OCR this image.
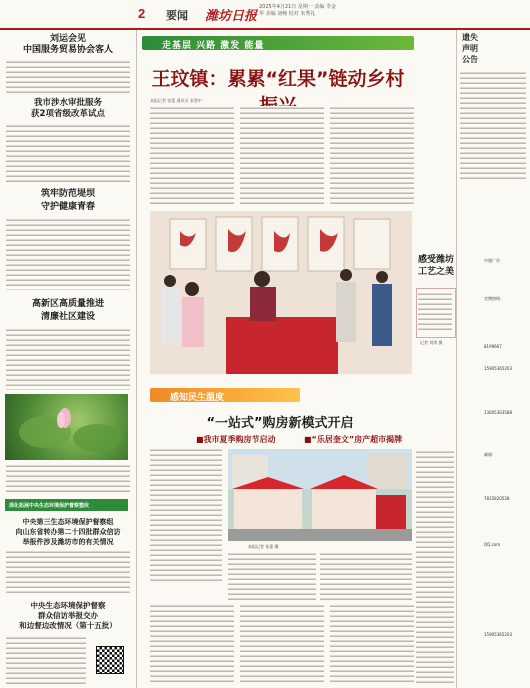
2 要闻 潍坊日报
2025年4月21日 星期一 责编 李金华 美编 刘畅 校对 朱秀礼
刘运会见
中国服务贸易协会客人
我市涉水审批服务
获2项省级改革试点
筑牢防范堤坝
守护健康青春
高新区高质量推进
清廉社区建设
深化拓展中央生态环境保护督察整改
中央第三生态环境保护督察组
向山东省转办第二十四批群众信访
举报件涉及潍坊市的有关情况
中央生态环境保护督察
群众信访举报交办
和边督边改情况（第十五批）
走基层 兴路 激发 能量
王玟镇：累累“红果”链动乡村
本报记者 张蕾 通讯员 张慧中
感受潍坊
工艺之美
记者 刘涛 摄
感知民生温度
“一站式”购房新模式开启
■我市夏季购房节启动	■“乐居奎文”房产超市揭牌
本报记者 张蕾 摄
遗失
声明
公告
中缝广告
官博热线：
8199667
15905365203
13605363588
邮箱：
7815820528
QQ.com
15905365203
